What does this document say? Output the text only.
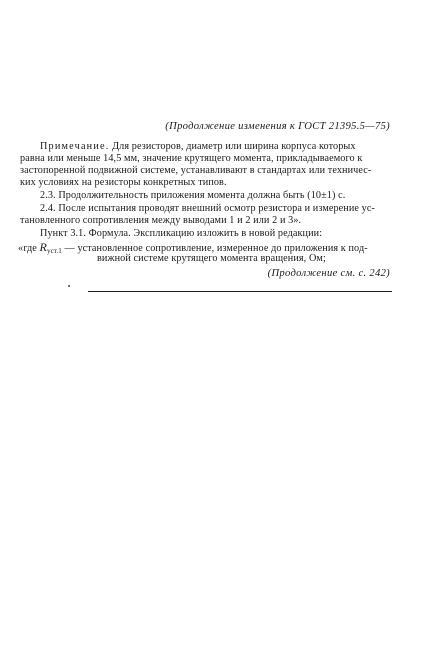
(Продолжение изменения к ГОСТ 21395.5—75)
Примечание. Для резисторов, диаметр или ширина корпуса которых
равна или меньше 14,5 мм, значение крутящего момента, прикладываемого к
застопоренной подвижной системе, устанавливают в стандартах или техничес-
ких условиях на резисторы конкретных типов.
2.3. Продолжительность приложения момента должна быть (10±1) с.
2.4. После испытания проводят внешний осмотр резистора и измерение ус-
тановленного сопротивления между выводами 1 и 2 или 2 и 3».
Пункт 3.1. Формула. Экспликацию изложить в новой редакции:
«где $R_{уст.1}$ — установленное сопротивление, измеренное до приложения к под-
вижной системе крутящего момента вращения, Ом;
(Продолжение см. с. 242)
